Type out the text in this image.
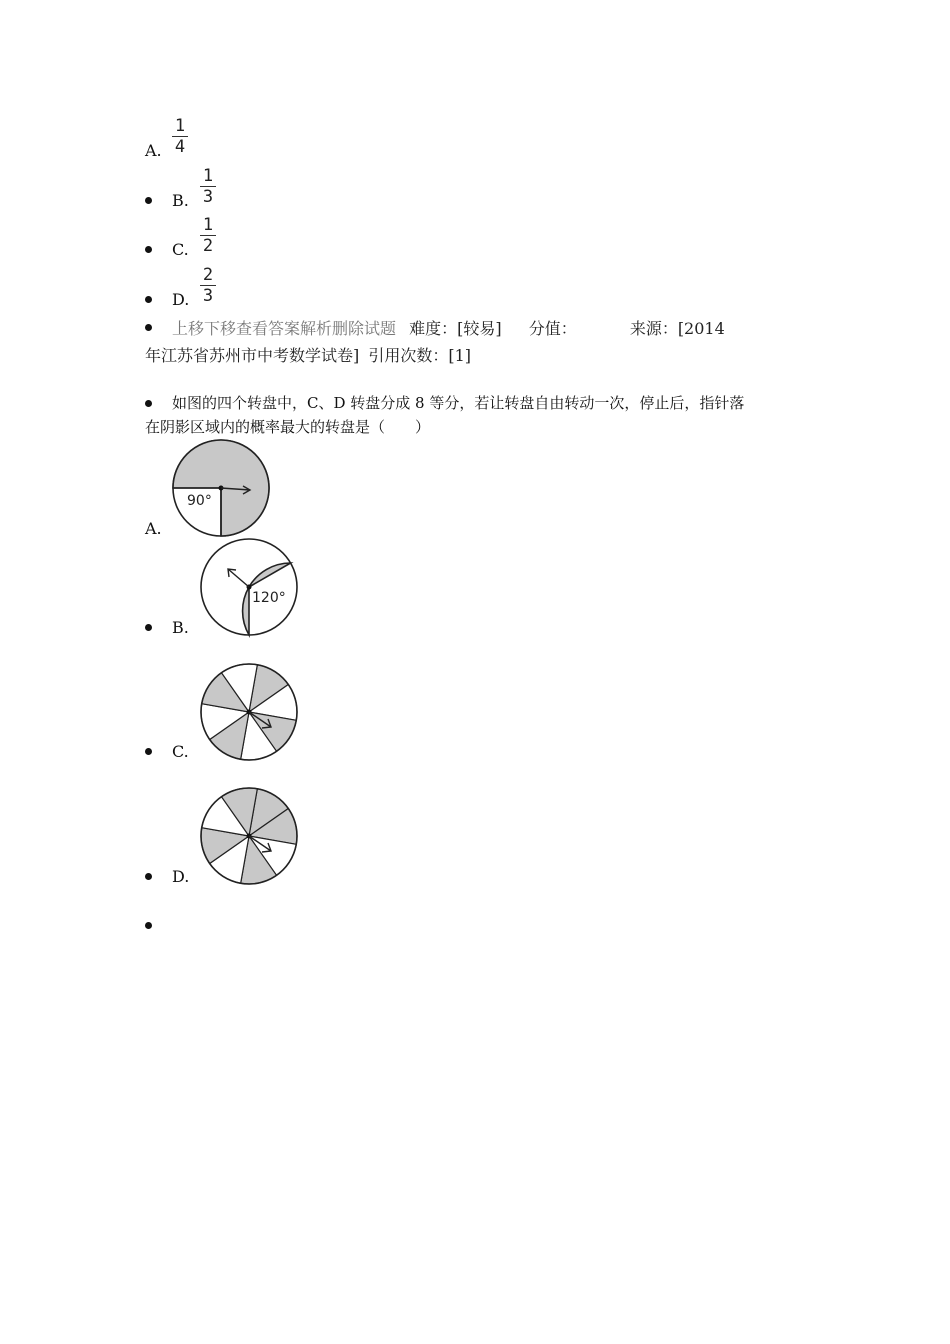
A.
1
4
B.
1
3
C.
1
2
D.
2
3
上移下移查看答案解析删除试题 难度：[较易] 分值：	来源：[2014
年江苏省苏州市中考数学试卷] 引用次数：[1]
如图的四个转盘中，C、D 转盘分成 8 等分，若让转盘自由转动一次，停止后，指针落
在阴影区域内的概率最大的转盘是（　　）
A.
90°
B.
120°
C.
D.
